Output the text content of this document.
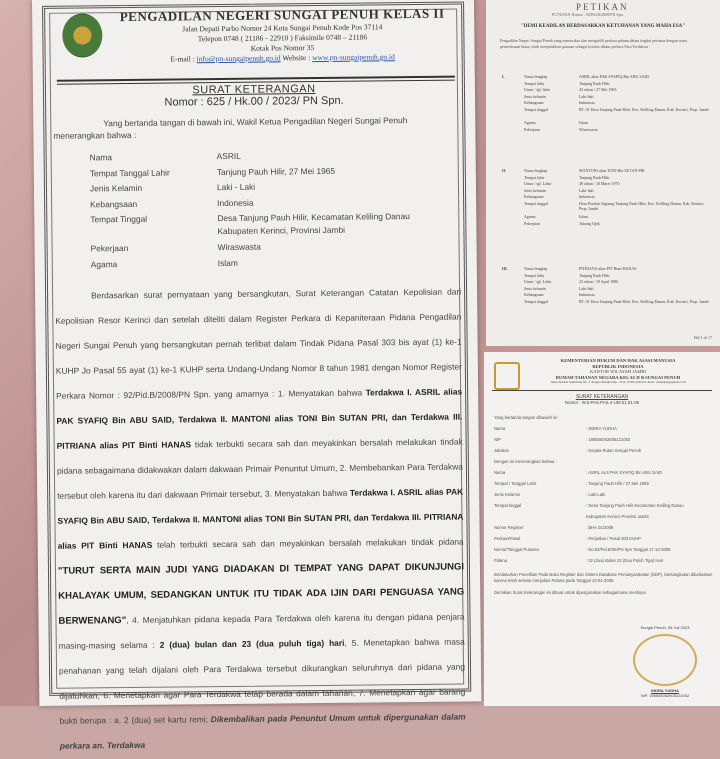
PENGADILAN NEGERI SUNGAI PENUH KELAS II
Jalan Depati Parbo Nomor 24 Kota Sungai Penuh Kode Pos 37114
Telepon 0748 ( 21186 - 22910 ) Faksimile 0748 – 21186
Kotak Pos Nomor 35
E-mail : info@pn-sungaipenuh.go.id Website : www.pn-sungaipenuh.go.id
SURAT KETERANGAN
Nomor : 625 / Hk.00 / 2023/ PN Spn.

Yang bertanda tangan di bawah ini, Wakil Ketua Pengadilan Negeri Sungai Penuh menerangkan bahwa :

Nama	ASRIL
Tempat Tanggal Lahir	Tanjung Pauh Hilir, 27 Mei 1965
Jenis Kelamin	Laki - Laki
Kebangsaan	Indonesia
Tempat Tinggal	Desa Tanjung Pauh Hilir, Kecamatan Keliling Danau Kabupaten Kerinci, Provinsi Jambi
Pekerjaan	Wiraswasta
Agama	Islam
Berdasarkan surat pernyataan yang bersangkutan, Surat Keterangan Catatan Kepolisian dari Kepolisian Resor Kerinci dan setelah diteliti dalam Register Perkara di Kepaniteraan Pidana Pengadilan Negeri Sungai Penuh yang bersangkutan pernah terlibat dalam Tindak Pidana Pasal 303 bis ayat (1) ke-1 KUHP Jo Pasal 55 ayat (1) ke-1 KUHP serta Undang-Undang Nomor 8 tahun 1981 dengan Nomor Register Perkara Nomor : 92/Pid.B/2008/PN Spn. yang amarnya : 1. Menyatakan bahwa Terdakwa I. ASRIL alias PAK SYAFIQ Bin ABU SAID, Terdakwa II. MANTONI alias TONI Bin SUTAN PRI, dan Terdakwa III. PITRIANA alias PIT Binti HANAS tidak terbukti secara sah dan meyakinkan bersalah melakukan tindak pidana sebagaimana didakwakan dalam dakwaan Primair Penuntut Umum, 2. Membebankan Para Terdakwa tersebut oleh karena itu dari dakwaan Primair tersebut, 3. Menyatakan bahwa Terdakwa I. ASRIL alias PAK SYAFIQ Bin ABU SAID, Terdakwa II. MANTONI alias TONI Bin SUTAN PRI, dan Terdakwa III. PITRIANA alias PIT Binti HANAS telah terbukti secara sah dan meyakinkan bersalah melakukan tindak pidana "TURUT SERTA MAIN JUDI YANG DIADAKAN DI TEMPAT YANG DAPAT DIKUNJUNGI KHALAYAK UMUM, SEDANGKAN UNTUK ITU TIDAK ADA IJIN DARI PENGUASA YANG BERWENANG", 4. Menjatuhkan pidana kepada Para Terdakwa oleh karena itu dengan pidana penjara masing-masing selama : 2 (dua) bulan dan 23 (dua puluh tiga) hari, 5. Menetapkan bahwa masa penahanan yang telah dijalani oleh Para Terdakwa tersebut dikurangkan seluruhnya dari pidana yang dijatuhkan, 6. Menetapkan agar Para Terdakwa tetap berada dalam tahanan, 7. Menetapkan agar barang bukti berupa : a. 2 (dua) set kartu remi; Dikembalikan pada Penuntut Umum untuk dipergunakan dalam perkara an. Terdakwa
PETIKAN
PUTUSAN Nomor : 92/Pid.B/2008/PN Spn.
"DEMI KEADILAN BERDASARKAN KETUHANAN YANG MAHA ESA"
Pengadilan Negeri Sungai Penuh yang memeriksa dan mengadili perkara pidana dalam tingkat pertama dengan acara pemeriksaan biasa, telah menjatuhkan putusan sebagai berikut dalam perkara Para Terdakwa :
I.	Nama lengkap	ASRIL alias PAK SYAFIQ Bin ABU SAID
Tempat lahir	Tanjung Pauh Hilir
Umur / tgl. lahir	43 tahun / 27 Mei 1965
Jenis kelamin	Laki-laki
Kebangsaan	Indonesia
Tempat tinggal	RT. 01 Desa Tanjung Pauh Hilir, Kec. Keliling Danau, Kab. Kerinci, Prop. Jambi
Agama	Islam
Pekerjaan	Wiraswasta
II.	Nama lengkap	MANTONI alias TONI Bin SUTAN PRI
Tempat lahir	Tanjung Pauh Hilir
Umur / tgl. Lahir	38 tahun / 10 Maret 1970
Jenis kelamin	Laki-laki
Kebangsaan	Indonesia
Tempat tinggal	Desa Pondok Siguang Tanjung Pauh Hilir, Kec. Keliling Danau, Kab. Kerinci, Prop. Jambi
Agama	Islam
Pekerjaan	Tukang Ojek
III.	Nama lengkap	PITRIANA alias PIT Binti HANAS
Tempat lahir	Tanjung Pauh Hilir
Umur / tgl. Lahir	22 tahun / 10 April 1986
Jenis kelamin	Laki-laki
Kebangsaan	Indonesia
Tempat tinggal	RT. 01 Desa Tanjung Pauh Hilir, Kec. Keliling Danau, Kab. Kerinci, Prop. Jambi
Hal 1 dr 17
KEMENTERIAN HUKUM DAN HAK ASASI MANUSIA
REPUBLIK INDONESIA
KANTOR WILAYAH JAMBI
RUMAH TAHANAN NEGARA KELAS II B SUNGAI PENUH
Jalan Jendral Sudirman No. 1 Sungai Penuh Telp. / Fax. 0748-21024 E-mail : rutanspn@gmail.com
SURAT KETERANGAN
Nomor : W.5.PAS.PAS.4-UM.01.01-05
Yang bertanda tangan dibawah ini :
Nama	: INDRA YUDHA
NIP	: 198505062005121002
Jabatan	: Kepala Rutan Sungai Penuh
Dengan ini menerangkan bahwa :
Nama	: ASRIL ALS PAK SYAFIQ Bin ABU SAID
Tempat / Tanggal Lahir	: Tanjung Pauh Hilir / 27 Mei 1965
Jenis Kelamin	: Laki-Laki
Tempat tinggal	: Desa Tanjung Pauh Hilir Kecamatan Keliling Danau
Kabupaten Kerinci Provinsi Jambi
Nomor Register	: BHA.01/2009
Perkara/Pasal	: Perjudian / Pasal 303 KUHP
Nomor/Tanggal Putusan	: No.93/Pid.B/08/PN Spn Tanggal 17-12-2008
Pidana	: 02 (dua) Bulan 23 (Dua Puluh Tiga) Hari
Berdasarkan Penelitian Pada Buku Register dan Sistem Database Pemasyarakatan (SDP), bersangkutan dibebaskan karena telah selesai menjalani Pidana pada Tanggal 13-01-2009.
Demikian Surat Keterangan ini dibuat untuk dipergunakan sebagaimana mestinya.
Sungai Penuh, 06 Juli 2023
INDRA YUDHA
NIP. 198505062005121002
